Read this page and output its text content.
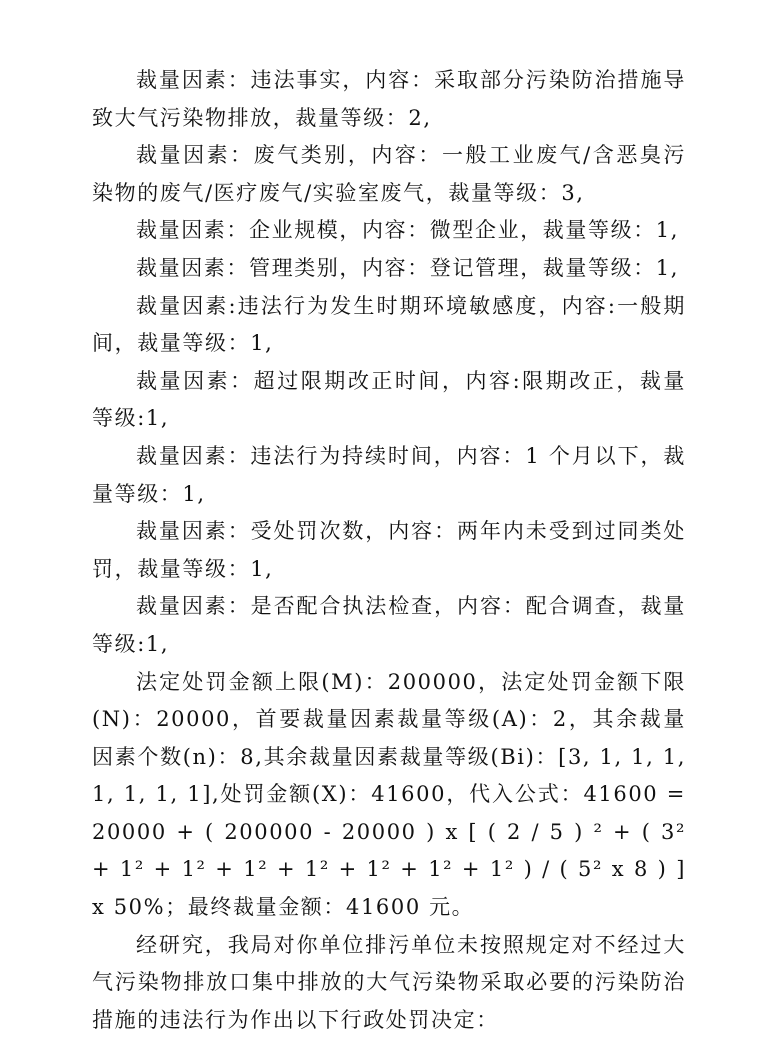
裁量因素：违法事实，内容：采取部分污染防治措施导致大气污染物排放，裁量等级：2,

裁量因素：废气类别，内容：一般工业废气/含恶臭污染物的废气/医疗废气/实验室废气，裁量等级：3,

裁量因素：企业规模，内容：微型企业，裁量等级：1,

裁量因素：管理类别，内容：登记管理，裁量等级：1,

裁量因素:违法行为发生时期环境敏感度，内容:一般期间，裁量等级：1,

裁量因素：超过限期改正时间，内容:限期改正，裁量等级:1,

裁量因素：违法行为持续时间，内容：1 个月以下，裁量等级：1,

裁量因素：受处罚次数，内容：两年内未受到过同类处罚，裁量等级：1,

裁量因素：是否配合执法检查，内容：配合调查，裁量等级:1,

法定处罚金额上限(M)：200000，法定处罚金额下限(N)：20000，首要裁量因素裁量等级(A)：2，其余裁量因素个数(n)：8,其余裁量因素裁量等级(Bi)：[3, 1, 1, 1, 1, 1, 1, 1],处罚金额(X)：41600，代入公式：41600 = 20000 + ( 200000 - 20000 ) x [ ( 2 / 5 ) ² + ( 3² + 1² + 1² + 1² + 1² + 1² + 1² + 1² ) / ( 5² x 8 ) ] x 50%；最终裁量金额：41600 元。

经研究，我局对你单位排污单位未按照规定对不经过大气污染物排放口集中排放的大气污染物采取必要的污染防治措施的违法行为作出以下行政处罚决定：
